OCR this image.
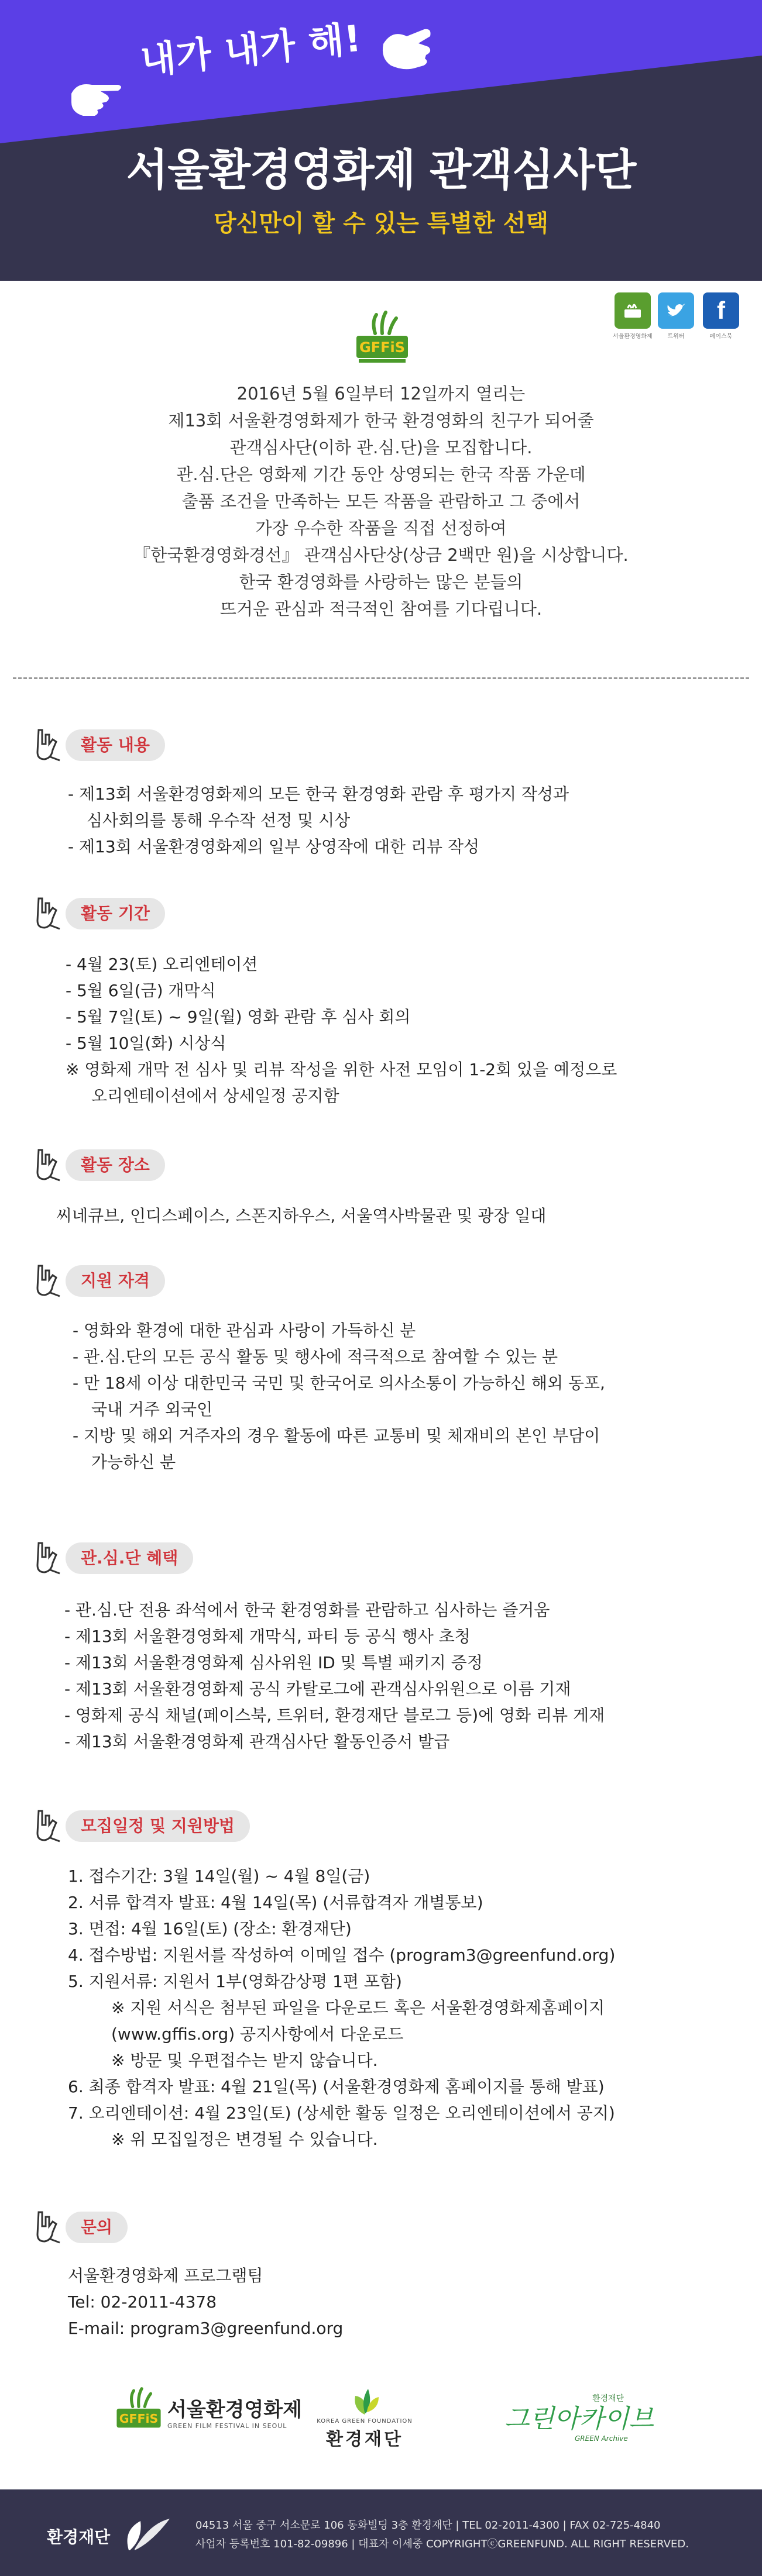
내가 내가 해!
서울환경영화제 관객심사단
당신만이 할 수 있는 특별한 선택
서울환경영화제	트위터
f
페이스북
GFFiS
2016년 5월 6일부터 12일까지 열리는
제13회 서울환경영화제가 한국 환경영화의 친구가 되어줄
관객심사단(이하 관.심.단)을 모집합니다.
관.심.단은 영화제 기간 동안 상영되는 한국 작품 가운데
출품 조건을 만족하는 모든 작품을 관람하고 그 중에서
가장 우수한 작품을 직접 선정하여
『한국환경영화경선』 관객심사단상(상금 2백만 원)을 시상합니다.
한국 환경영화를 사랑하는 많은 분들의
뜨거운 관심과 적극적인 참여를 기다립니다.
활동 내용
- 제13회 서울환경영화제의 모든 한국 환경영화 관람 후 평가지 작성과
심사회의를 통해 우수작 선정 및 시상
- 제13회 서울환경영화제의 일부 상영작에 대한 리뷰 작성
활동 기간
- 4월 23(토) 오리엔테이션
- 5월 6일(금) 개막식
- 5월 7일(토) ~ 9일(월) 영화 관람 후 심사 회의
- 5월 10일(화) 시상식
※ 영화제 개막 전 심사 및 리뷰 작성을 위한 사전 모임이 1-2회 있을 예정으로
오리엔테이션에서 상세일정 공지함
활동 장소
씨네큐브, 인디스페이스, 스폰지하우스, 서울역사박물관 및 광장 일대
지원 자격
- 영화와 환경에 대한 관심과 사랑이 가득하신 분
- 관.심.단의 모든 공식 활동 및 행사에 적극적으로 참여할 수 있는 분
- 만 18세 이상 대한민국 국민 및 한국어로 의사소통이 가능하신 해외 동포,
국내 거주 외국인
- 지방 및 해외 거주자의 경우 활동에 따른 교통비 및 체재비의 본인 부담이
가능하신 분
관.심.단 혜택
- 관.심.단 전용 좌석에서 한국 환경영화를 관람하고 심사하는 즐거움
- 제13회 서울환경영화제 개막식, 파티 등 공식 행사 초청
- 제13회 서울환경영화제 심사위원 ID 및 특별 패키지 증정
- 제13회 서울환경영화제 공식 카탈로그에 관객심사위원으로 이름 기재
- 영화제 공식 채널(페이스북, 트위터, 환경재단 블로그 등)에 영화 리뷰 게재
- 제13회 서울환경영화제 관객심사단 활동인증서 발급
모집일정 및 지원방법
1. 접수기간: 3월 14일(월) ~ 4월 8일(금)
2. 서류 합격자 발표: 4월 14일(목) (서류합격자 개별통보)
3. 면접: 4월 16일(토) (장소: 환경재단)
4. 접수방법: 지원서를 작성하여 이메일 접수 (program3@greenfund.org)
5. 지원서류: 지원서 1부(영화감상평 1편 포함)
※ 지원 서식은 첨부된 파일을 다운로드 혹은 서울환경영화제홈페이지
(www.gffis.org) 공지사항에서 다운로드
※ 방문 및 우편접수는 받지 않습니다.
6. 최종 합격자 발표: 4월 21일(목) (서울환경영화제 홈페이지를 통해 발표)
7. 오리엔테이션: 4월 23일(토) (상세한 활동 일정은 오리엔테이션에서 공지)
※ 위 모집일정은 변경될 수 있습니다.
문의
서울환경영화제 프로그램팀
Tel: 02-2011-4378
E-mail: program3@greenfund.org
GFFiS 서울환경영화제
GREEN FILM FESTIVAL IN SEOUL
KOREA GREEN FOUNDATION
환경재단
환경재단
그린아카이브
GREEN Archive
환경재단
04513 서울 중구 서소문로 106 동화빌딩 3층 환경재단 | TEL 02-2011-4300 | FAX 02-725-4840
사업자 등록번호 101-82-09896 | 대표자 이세중 COPYRIGHTⓒGREENFUND. ALL RIGHT RESERVED.
